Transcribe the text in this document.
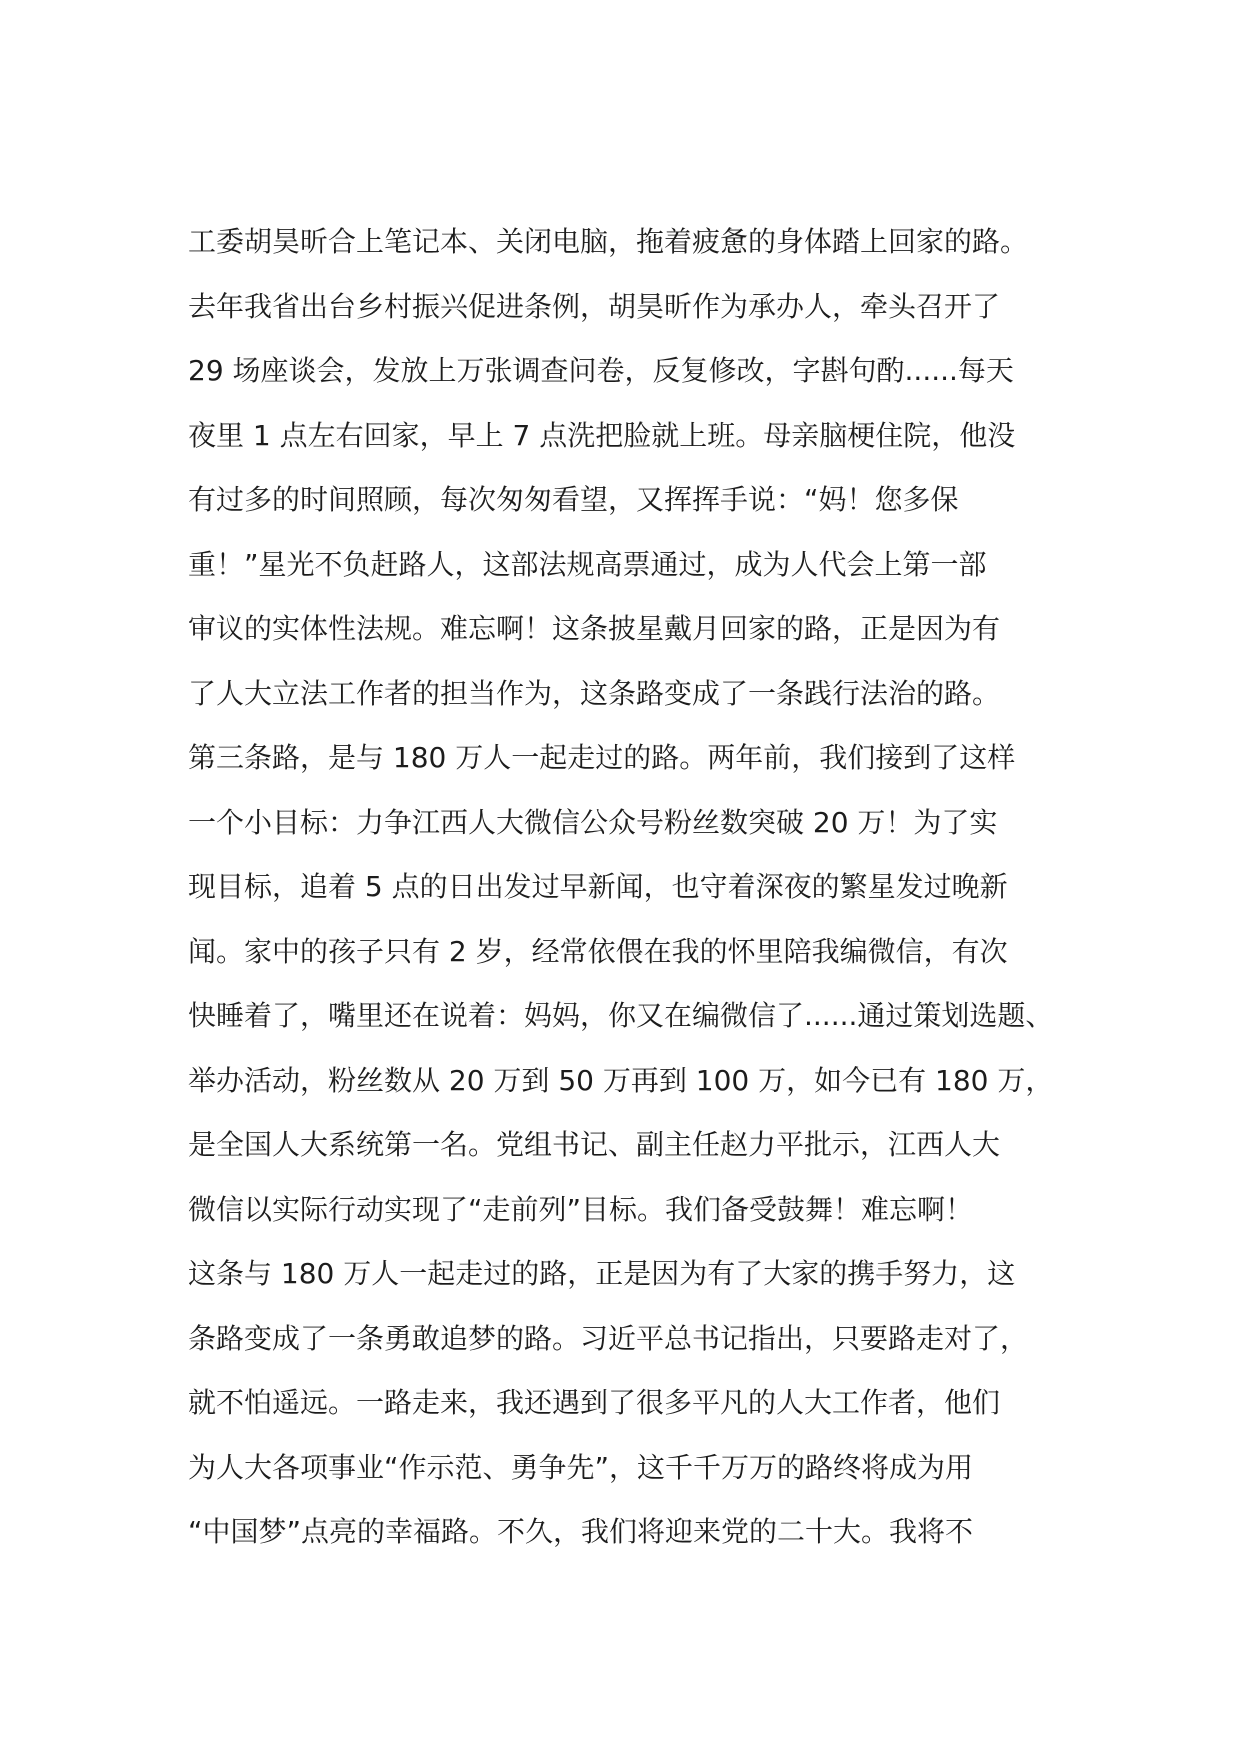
工委胡昊昕合上笔记本、关闭电脑，拖着疲惫的身体踏上回家的路。
去年我省出台乡村振兴促进条例，胡昊昕作为承办人，牵头召开了
29 场座谈会，发放上万张调查问卷，反复修改，字斟句酌......每天
夜里 1 点左右回家，早上 7 点洗把脸就上班。母亲脑梗住院，他没
有过多的时间照顾，每次匆匆看望，又挥挥手说：“妈！您多保
重！”星光不负赶路人，这部法规高票通过，成为人代会上第一部
审议的实体性法规。难忘啊！这条披星戴月回家的路，正是因为有
了人大立法工作者的担当作为，这条路变成了一条践行法治的路。
第三条路，是与 180 万人一起走过的路。两年前，我们接到了这样
一个小目标：力争江西人大微信公众号粉丝数突破 20 万！为了实
现目标，追着 5 点的日出发过早新闻，也守着深夜的繁星发过晚新
闻。家中的孩子只有 2 岁，经常依偎在我的怀里陪我编微信，有次
快睡着了，嘴里还在说着：妈妈，你又在编微信了......通过策划选题、
举办活动，粉丝数从 20 万到 50 万再到 100 万，如今已有 180 万，
是全国人大系统第一名。党组书记、副主任赵力平批示，江西人大
微信以实际行动实现了“走前列”目标。我们备受鼓舞！难忘啊！
这条与 180 万人一起走过的路，正是因为有了大家的携手努力，这
条路变成了一条勇敢追梦的路。习近平总书记指出，只要路走对了，
就不怕遥远。一路走来，我还遇到了很多平凡的人大工作者，他们
为人大各项事业“作示范、勇争先”，这千千万万的路终将成为用
“中国梦”点亮的幸福路。不久，我们将迎来党的二十大。我将不
